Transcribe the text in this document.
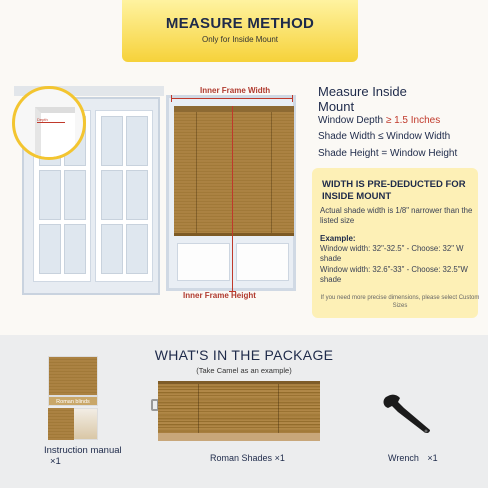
MEASURE METHOD
Only for Inside Mount
Depth
Inner Frame Width
Inner Frame Height
Measure Inside Mount
Window Depth ≥ 1.5 Inches
Shade Width ≤ Window Width
Shade Height = Window Height
WIDTH IS PRE-DEDUCTED FOR INSIDE MOUNT
Actual shade width is 1/8" narrower than the listed size
Example:
Window width: 32"-32.5" - Choose: 32" W shade
Window width: 32.6"-33" - Choose: 32.5"W shade
If you need more precise dimensions, please select Custom Sizes
WHAT'S IN THE PACKAGE
(Take Camel as an example)
Roman blinds
Instruction manual ×1	Roman Shades ×1	Wrench ×1
